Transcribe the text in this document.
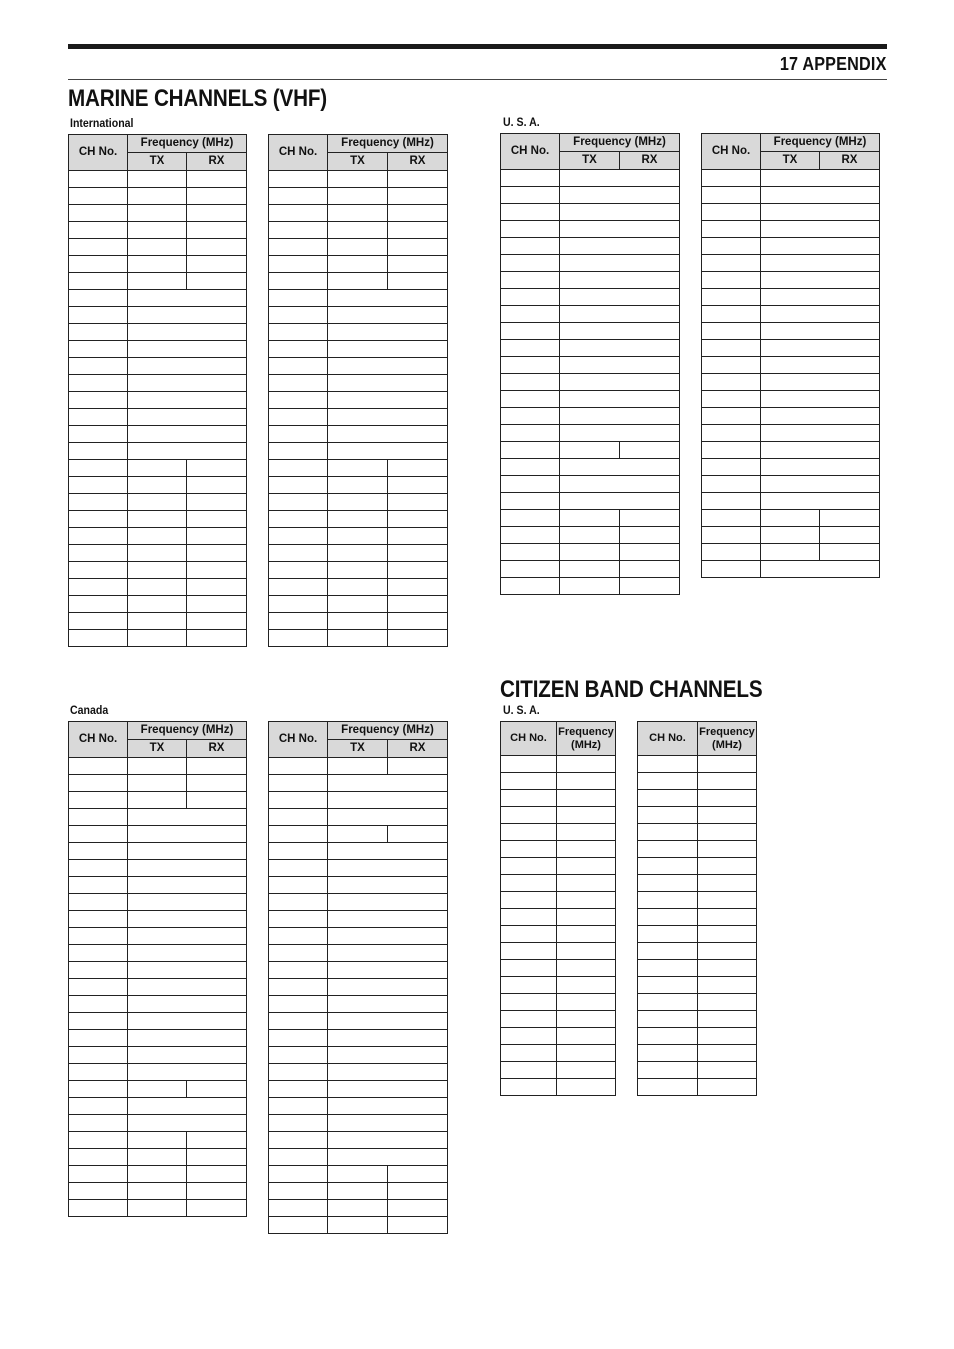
17 APPENDIX
MARINE CHANNELS (VHF)
International	U. S. A.
Canada
CITIZEN BAND CHANNELS
U. S. A.
CH No.	Frequency (MHz)	
	TX	RX

CH No.	Frequency (MHz)	
	TX	RX

CH No.	Frequency (MHz)	
	TX	RX

CH No.	Frequency (MHz)	
	TX	RX

CH No.	Frequency (MHz)	
	TX	RX

CH No.	Frequency (MHz)	
	TX	RX

CH No.	Frequency
(MHz)

CH No.	Frequency
(MHz)
